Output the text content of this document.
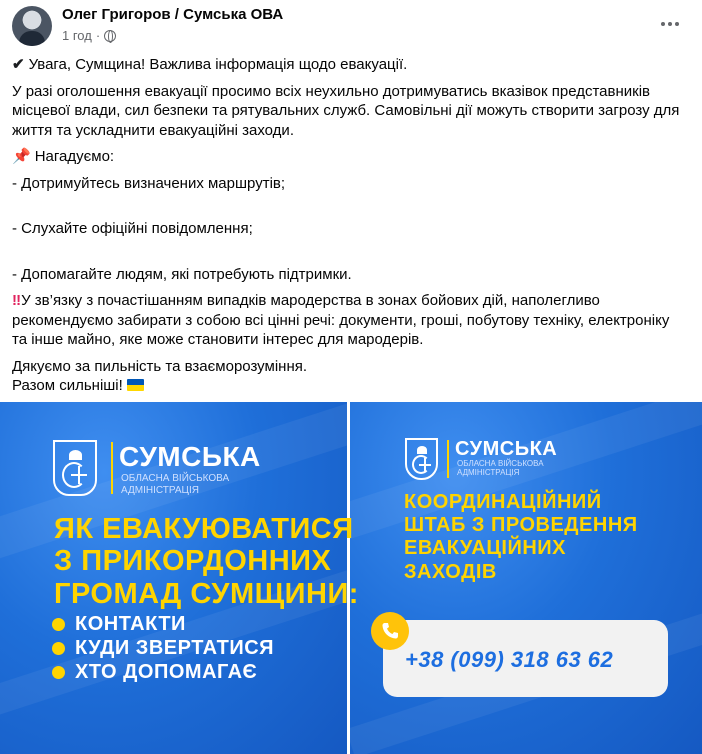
Олег Григоров / Сумська ОВА
1 год ·

✔ Увага, Сумщина! Важлива інформація щодо евакуації.

У разі оголошення евакуації просимо всіх неухильно дотримуватись вказівок представників
місцевої влади, сил безпеки та рятувальних служб. Самовільні дії можуть створити загрозу для
життя та ускладнити евакуаційні заходи.

📌 Нагадуємо:

- Дотримуйтесь визначених маршрутів;

- Слухайте офіційні повідомлення;

- Допомагайте людям, які потребують підтримки.

‼У зв’язку з почастішанням випадків мародерства в зонах бойових дій, наполегливо
рекомендуємо забирати з собою всі цінні речі: документи, гроші, побутову техніку, електроніку
та інше майно, яке може становити інтерес для мародерів.

Дякуємо за пильність та взаєморозуміння.

Разом сильніші!

СУМСЬКА
ОБЛАСНА ВІЙСЬКОВА
АДМІНІСТРАЦІЯ
ЯК ЕВАКУЮВАТИСЯ
З ПРИКОРДОННИХ
ГРОМАД СУМЩИНИ:
КОНТАКТИ
КУДИ ЗВЕРТАТИСЯ
ХТО ДОПОМАГАЄ
СУМСЬКА
ОБЛАСНА ВІЙСЬКОВА
АДМІНІСТРАЦІЯ
КООРДИНАЦІЙНИЙ
ШТАБ З ПРОВЕДЕННЯ
ЕВАКУАЦІЙНИХ
ЗАХОДІВ
+38 (099) 318 63 62
